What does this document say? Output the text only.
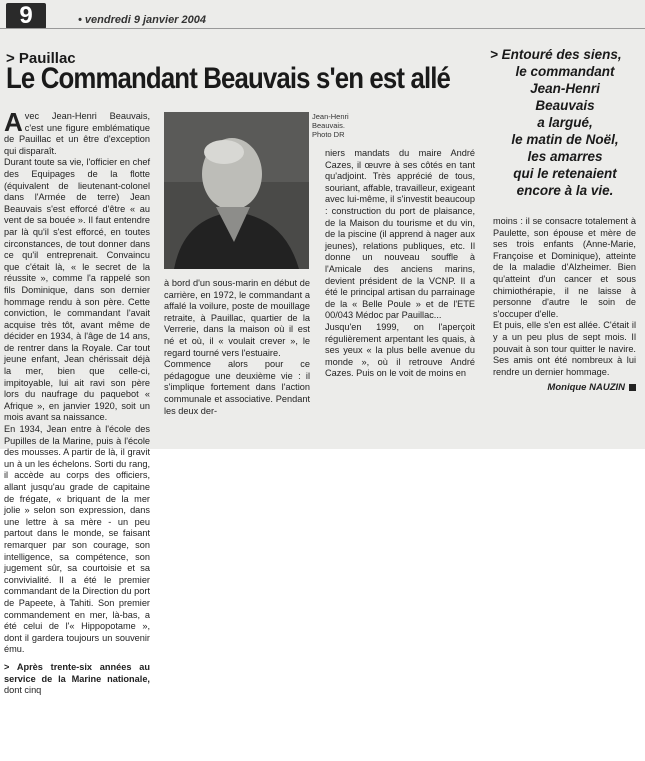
9	• vendredi 9 janvier 2004
> Pauillac
Le Commandant Beauvais s'en est allé
> Entouré des siens,
le commandant
Jean-Henri
Beauvais
a largué,
le matin de Noël,
les amarres
qui le retenaient
encore à la vie.

Avec Jean-Henri Beauvais, c'est une figure emblématique de Pauillac et un être d'exception qui disparaît.

Durant toute sa vie, l'officier en chef des Equipages de la flotte (équivalent de lieutenant-colonel dans l'Armée de terre) Jean Beauvais s'est efforcé d'être « au vent de sa bouée ». Il faut entendre par là qu'il s'est efforcé, en toutes circonstances, de tout donner dans ce qu'il entreprenait. Convaincu que c'était là, « le secret de la réussite », comme l'a rappelé son fils Dominique, dans son dernier hommage rendu à son père. Cette conviction, le commandant l'avait acquise très tôt, avant même de décider en 1934, à l'âge de 14 ans, de rentrer dans la Royale. Car tout jeune enfant, Jean chérissait déjà la mer, bien que celle-ci, impitoyable, lui ait ravi son père lors du naufrage du paquebot « Afrique », en janvier 1920, soit un mois avant sa naissance.

En 1934, Jean entre à l'école des Pupilles de la Marine, puis à l'école des mousses. A partir de là, il gravit un à un les échelons. Sorti du rang, il accède au corps des officiers, allant jusqu'au grade de capitaine de frégate, « briquant de la mer jolie » selon son expression, dans une lettre à sa mère - un peu partout dans le monde, se faisant remarquer par son courage, son intelligence, sa compétence, son jugement sûr, sa courtoisie et sa convivialité. Il a été le premier commandant de la Direction du port de Papeete, à Tahiti. Son premier commandement en mer, là-bas, a été celui de l'« Hippopotame », dont il gardera toujours un souvenir ému.

> Après trente-six années au service de la Marine nationale, dont cinq

Jean-Henri Beauvais.
Photo DR

à bord d'un sous-marin en début de carrière, en 1972, le commandant a affalé la voilure, poste de mouillage retraite, à Pauillac, quartier de la Verrerie, dans la maison où il est né et où, il « voulait crever », le regard tourné vers l'estuaire.

Commence alors pour ce pédagogue une deuxième vie : il s'implique fortement dans l'action communale et associative. Pendant les deux der-

niers mandats du maire André Cazes, il œuvre à ses côtés en tant qu'adjoint. Très apprécié de tous, souriant, affable, travailleur, exigeant avec lui-même, il s'investit beaucoup : construction du port de plaisance, de la Maison du tourisme et du vin, de la piscine (il apprend à nager aux jeunes), relations publiques, etc. Il donne un nouveau souffle à l'Amicale des anciens marins, devient président de la VCNP. Il a été le principal artisan du parrainage de la « Belle Poule » et de l'ETE 00/043 Médoc par Pauillac...

Jusqu'en 1999, on l'aperçoit régulièrement arpentant les quais, à ses yeux « la plus belle avenue du monde », où il retrouve André Cazes. Puis on le voit de moins en

moins : il se consacre totalement à Paulette, son épouse et mère de ses trois enfants (Anne-Marie, Françoise et Dominique), atteinte de la maladie d'Alzheimer. Bien qu'atteint d'un cancer et sous chimiothérapie, il ne laisse à personne d'autre le soin de s'occuper d'elle.

Et puis, elle s'en est allée. C'était il y a un peu plus de sept mois. Il pouvait à son tour quitter le navire. Ses amis ont été nombreux à lui rendre un dernier hommage.

Monique NAUZIN
